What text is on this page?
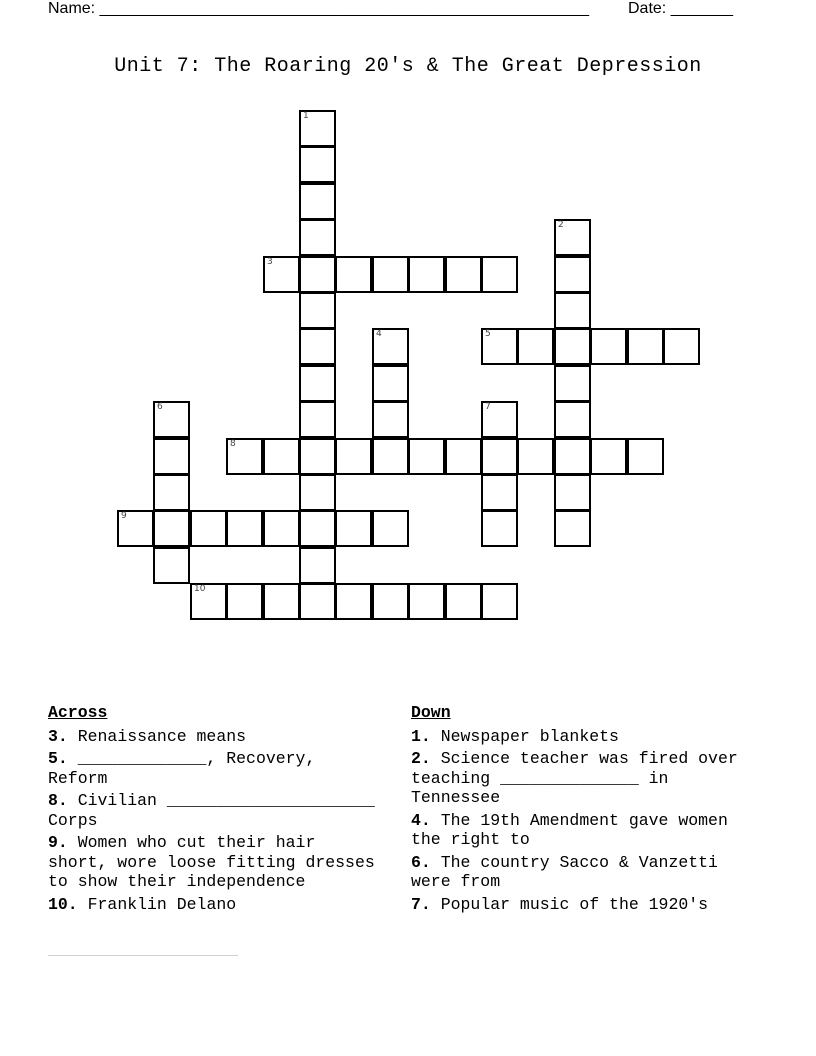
Name: _______________________________________________________ Date: _______
Unit 7: The Roaring 20's & The Great Depression
1
2
3
4	5
6	7
8
9
10
Across
3. Renaissance means
5. _____________, Recovery, Reform
8. Civilian _____________________ Corps
9. Women who cut their hair short, wore loose fitting dresses to show their independence
10. Franklin Delano
Down
1. Newspaper blankets
2. Science teacher was fired over teaching ______________ in Tennessee
4. The 19th Amendment gave women the right to
6. The country Sacco & Vanzetti were from
7. Popular music of the 1920's
